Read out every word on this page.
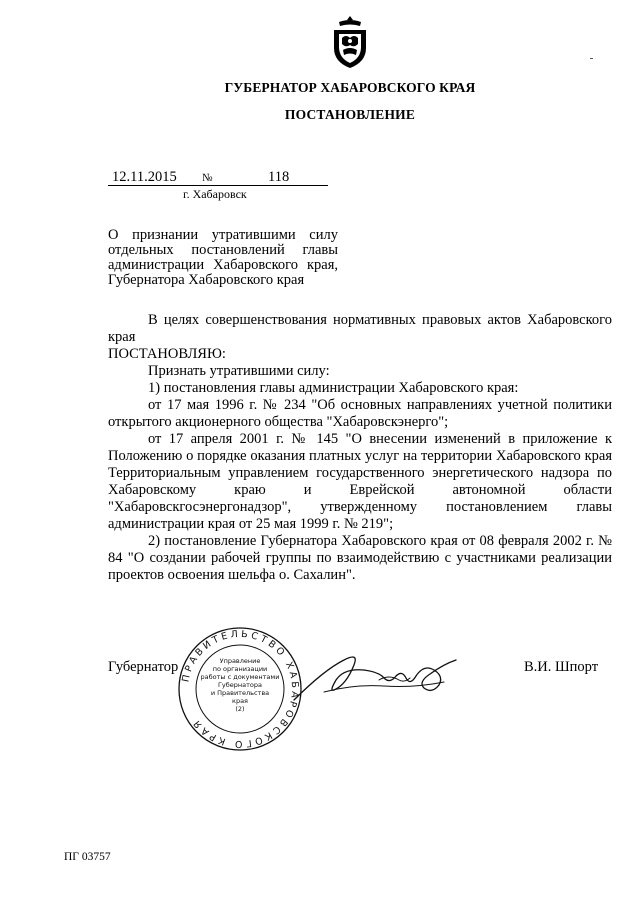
ГУБЕРНАТОР ХАБАРОВСКОГО КРАЯ
ПОСТАНОВЛЕНИЕ
12.11.2015 №	118
г. Хабаровск
О признании утратившими силу
отдельных постановлений главы
администрации Хабаровского края,
Губернатора Хабаровского края

В целях совершенствования нормативных правовых актов Хабаровского края

ПОСТАНОВЛЯЮ:

Признать утратившими силу:

1) постановления главы администрации Хабаровского края:

от 17 мая 1996 г. № 234 "Об основных направлениях учетной политики открытого акционерного общества "Хабаровскэнерго";

от 17 апреля 2001 г. № 145 "О внесении изменений в приложение к Положению о порядке оказания платных услуг на территории Хабаровского края Территориальным управлением государственного энергетического надзора по Хабаровскому краю и Еврейской автономной области "Хабаровскгосэнергонадзор", утвержденному постановлением главы администрации края от 25 мая 1999 г. № 219";

2) постановление Губернатора Хабаровского края от 08 февраля 2002 г. № 84 "О создании рабочей группы по взаимодействию с участниками реализации проектов освоения шельфа о. Сахалин".

Губернатор	В.И. Шпорт
ПРАВИТЕЛЬСТВО ХАБАРОВСКОГО КРАЯ
Управление
по организации
работы с документами
Губернатора
и Правительства
края
(2)
ПГ 03757
